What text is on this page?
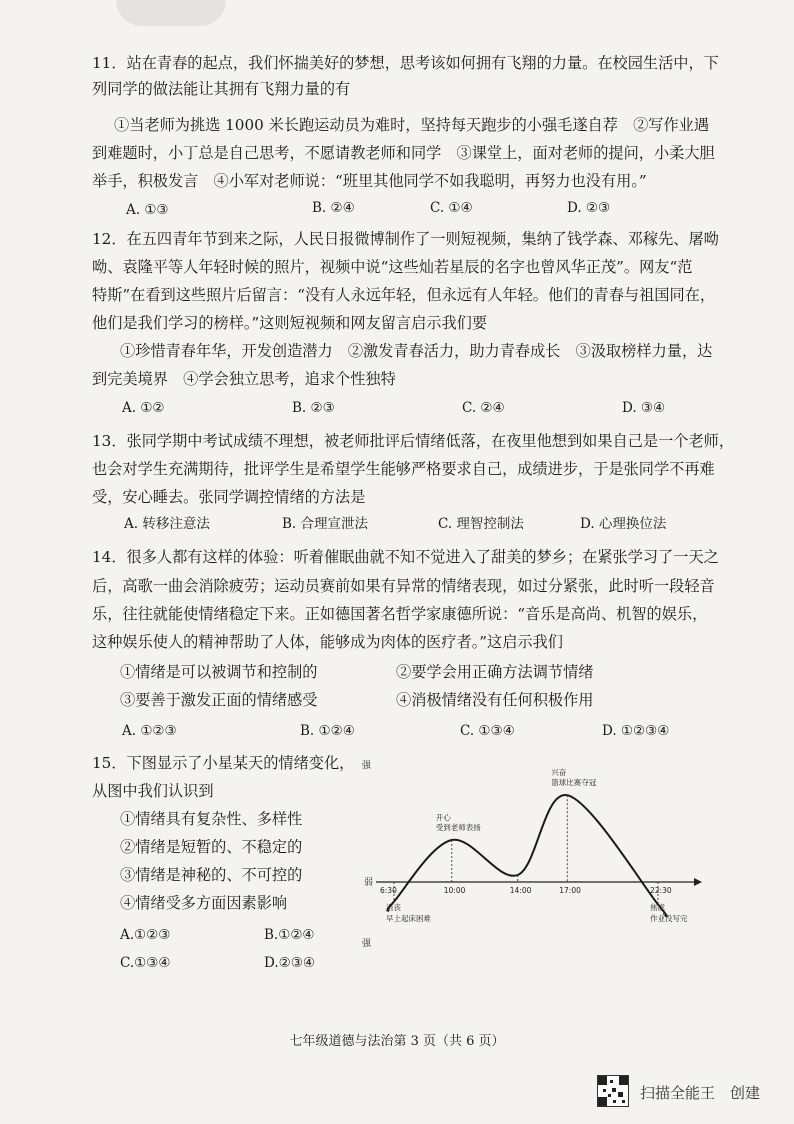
11．站在青春的起点，我们怀揣美好的梦想，思考该如何拥有飞翔的力量。在校园生活中，下
列同学的做法能让其拥有飞翔力量的有
①当老师为挑选 1000 米长跑运动员为难时，坚持每天跑步的小强毛遂自荐　②写作业遇
到难题时，小丁总是自己思考，不愿请教老师和同学　③课堂上，面对老师的提问，小柔大胆
举手，积极发言　④小军对老师说：“班里其他同学不如我聪明，再努力也没有用。”
A. ①③	B. ②④	C. ①④	D. ②③
12．在五四青年节到来之际，人民日报微博制作了一则短视频，集纳了钱学森、邓稼先、屠呦
呦、袁隆平等人年轻时候的照片，视频中说“这些灿若星辰的名字也曾风华正茂”。网友“范
特斯”在看到这些照片后留言：“没有人永远年轻，但永远有人年轻。他们的青春与祖国同在，
他们是我们学习的榜样。”这则短视频和网友留言启示我们要
①珍惜青春年华，开发创造潜力　②激发青春活力，助力青春成长　③汲取榜样力量，达
到完美境界　④学会独立思考，追求个性独特
A. ①②	B. ②③	C. ②④	D. ③④
13．张同学期中考试成绩不理想，被老师批评后情绪低落，在夜里他想到如果自己是一个老师，
也会对学生充满期待，批评学生是希望学生能够严格要求自己，成绩进步，于是张同学不再难
受，安心睡去。张同学调控情绪的方法是
A. 转移注意法	B. 合理宣泄法	C. 理智控制法	D. 心理换位法
14．很多人都有这样的体验：听着催眠曲就不知不觉进入了甜美的梦乡；在紧张学习了一天之
后，高歌一曲会消除疲劳；运动员赛前如果有异常的情绪表现，如过分紧张，此时听一段轻音
乐，往往就能使情绪稳定下来。正如德国著名哲学家康德所说：“音乐是高尚、机智的娱乐，
这种娱乐使人的精神帮助了人体，能够成为肉体的医疗者。”这启示我们
①情绪是可以被调节和控制的	②要学会用正确方法调节情绪
③要善于激发正面的情绪感受	④消极情绪没有任何积极作用
A. ①②③	B. ①②④	C. ①③④	D. ①②③④
15．下图显示了小星某天的情绪变化，
从图中我们认识到
①情绪具有复杂性、多样性
②情绪是短暂的、不稳定的
③情绪是神秘的、不可控的
④情绪受多方面因素影响
A.①②③	B.①②④
C.①③④	D.②③④
强
强
弱
6:30	10:00	14:00	17:00	22:30
沮丧
早上起床困难
开心
受到老师表扬
兴奋
篮球比赛夺冠
焦虑
作业没写完
七年级道德与法治第 3 页（共 6 页）
扫描全能王　创建
